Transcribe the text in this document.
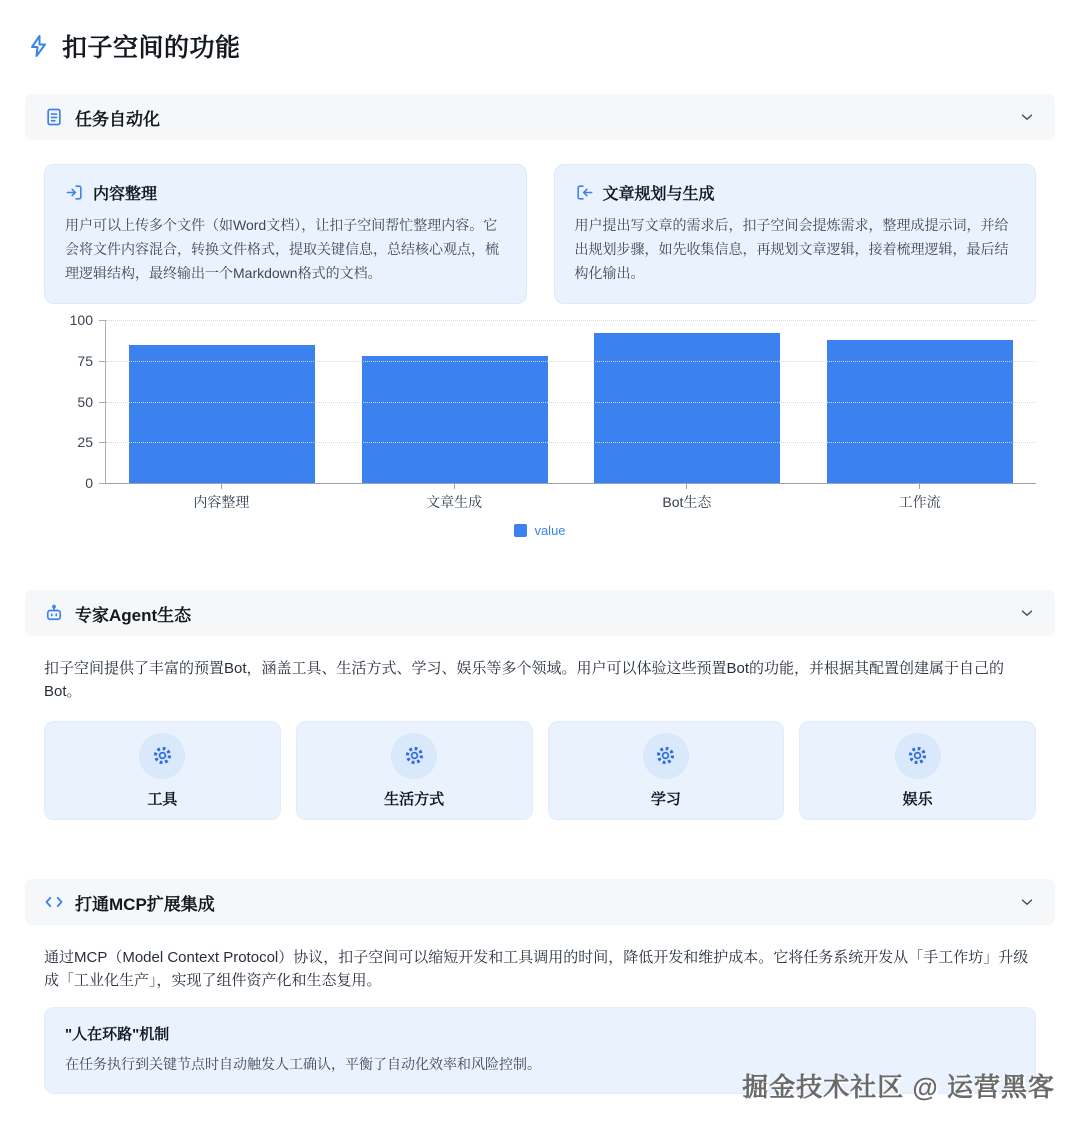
扣子空间的功能
任务自动化
内容整理
用户可以上传多个文件（如Word文档），让扣子空间帮忙整理内容。它会将文件内容混合，转换文件格式，提取关键信息，总结核心观点，梳理逻辑结构，最终输出一个Markdown格式的文档。
文章规划与生成
用户提出写文章的需求后，扣子空间会提炼需求，整理成提示词，并给出规划步骤，如先收集信息，再规划文章逻辑，接着梳理逻辑，最后结构化输出。
0
25
50
75
100
内容整理	文章生成	Bot生态	工作流
value
专家Agent生态

扣子空间提供了丰富的预置Bot，涵盖工具、生活方式、学习、娱乐等多个领域。用户可以体验这些预置Bot的功能，并根据其配置创建属于自己的Bot。

工具	生活方式	学习	娱乐
打通MCP扩展集成

通过MCP（Model Context Protocol）协议，扣子空间可以缩短开发和工具调用的时间，降低开发和维护成本。它将任务系统开发从「手工作坊」升级成「工业化生产」，实现了组件资产化和生态复用。

"人在环路"机制
在任务执行到关键节点时自动触发人工确认，平衡了自动化效率和风险控制。
掘金技术社区 @ 运营黑客
